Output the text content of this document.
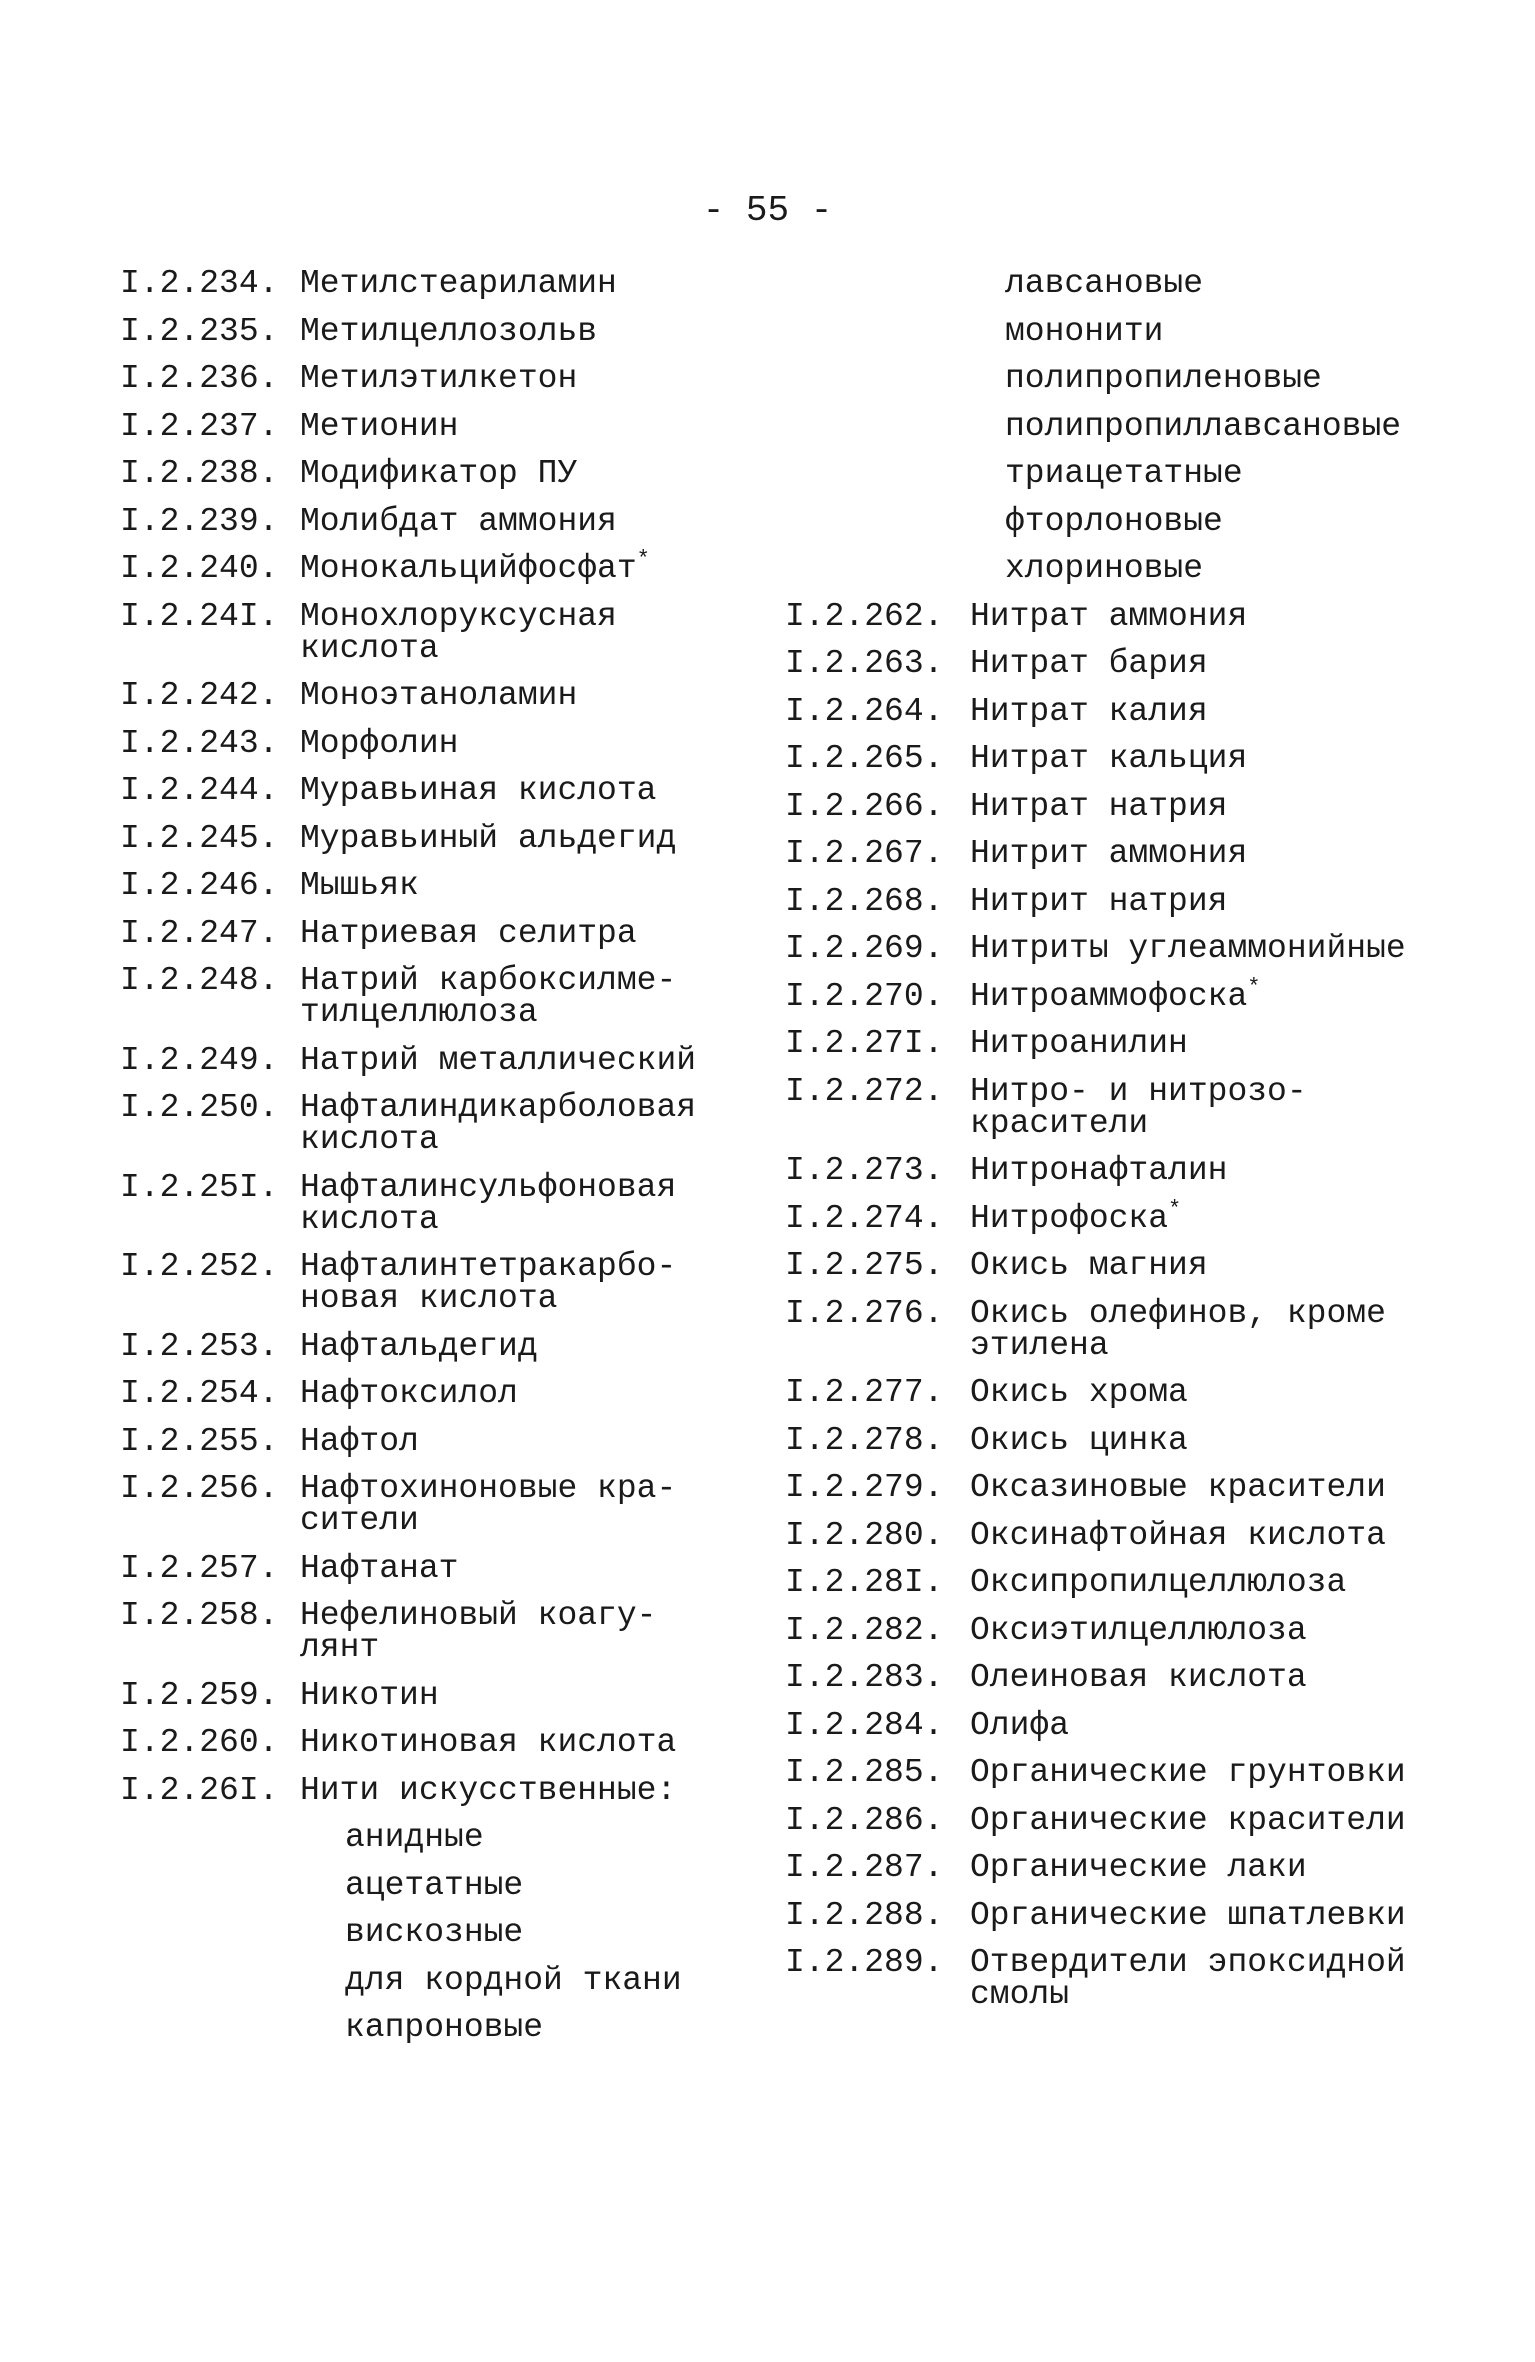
- 55 -
I.2.234. Метилстеариламин
I.2.235. Метилцеллозольв
I.2.236. Метилэтилкетон
I.2.237. Метионин
I.2.238. Модификатор ПУ
I.2.239. Молибдат аммония
I.2.240. Монокальцийфосфат*
I.2.24I. Монохлоруксусная
кислота
I.2.242. Моноэтаноламин
I.2.243. Морфолин
I.2.244. Муравьиная кислота
I.2.245. Муравьиный альдегид
I.2.246. Мышьяк
I.2.247. Натриевая селитра
I.2.248. Натрий карбоксилме-
тилцеллюлоза
I.2.249. Натрий металлический
I.2.250. Нафталиндикарболовая
кислота
I.2.25I. Нафталинсульфоновая
кислота
I.2.252. Нафталинтетракарбо-
новая кислота
I.2.253. Нафтальдегид
I.2.254. Нафтоксилол
I.2.255. Нафтол
I.2.256. Нафтохиноновые кра-
сители
I.2.257. Нафтанат
I.2.258. Нефелиновый коагу-
лянт
I.2.259. Никотин
I.2.260. Никотиновая кислота
I.2.26I. Нити искусственные:
анидные
ацетатные
вискозные
для кордной ткани
капроновые
лавсановые
мононити
полипропиленовые
полипропиллавсановые
триацетатные
фторлоновые
хлориновые
I.2.262. Нитрат аммония
I.2.263. Нитрат бария
I.2.264. Нитрат калия
I.2.265. Нитрат кальция
I.2.266. Нитрат натрия
I.2.267. Нитрит аммония
I.2.268. Нитрит натрия
I.2.269. Нитриты углеаммонийные
I.2.270. Нитроаммофоска*
I.2.27I. Нитроанилин
I.2.272. Нитро- и нитрозо-
красители
I.2.273. Нитронафталин
I.2.274. Нитрофоска*
I.2.275. Окись магния
I.2.276. Окись олефинов, кроме
этилена
I.2.277. Окись хрома
I.2.278. Окись цинка
I.2.279. Оксазиновые красители
I.2.280. Оксинафтойная кислота
I.2.28I. Оксипропилцеллюлоза
I.2.282. Оксиэтилцеллюлоза
I.2.283. Олеиновая кислота
I.2.284. Олифа
I.2.285. Органические грунтовки
I.2.286. Органические красители
I.2.287. Органические лаки
I.2.288. Органические шпатлевки
I.2.289. Отвердители эпоксидной
смолы
